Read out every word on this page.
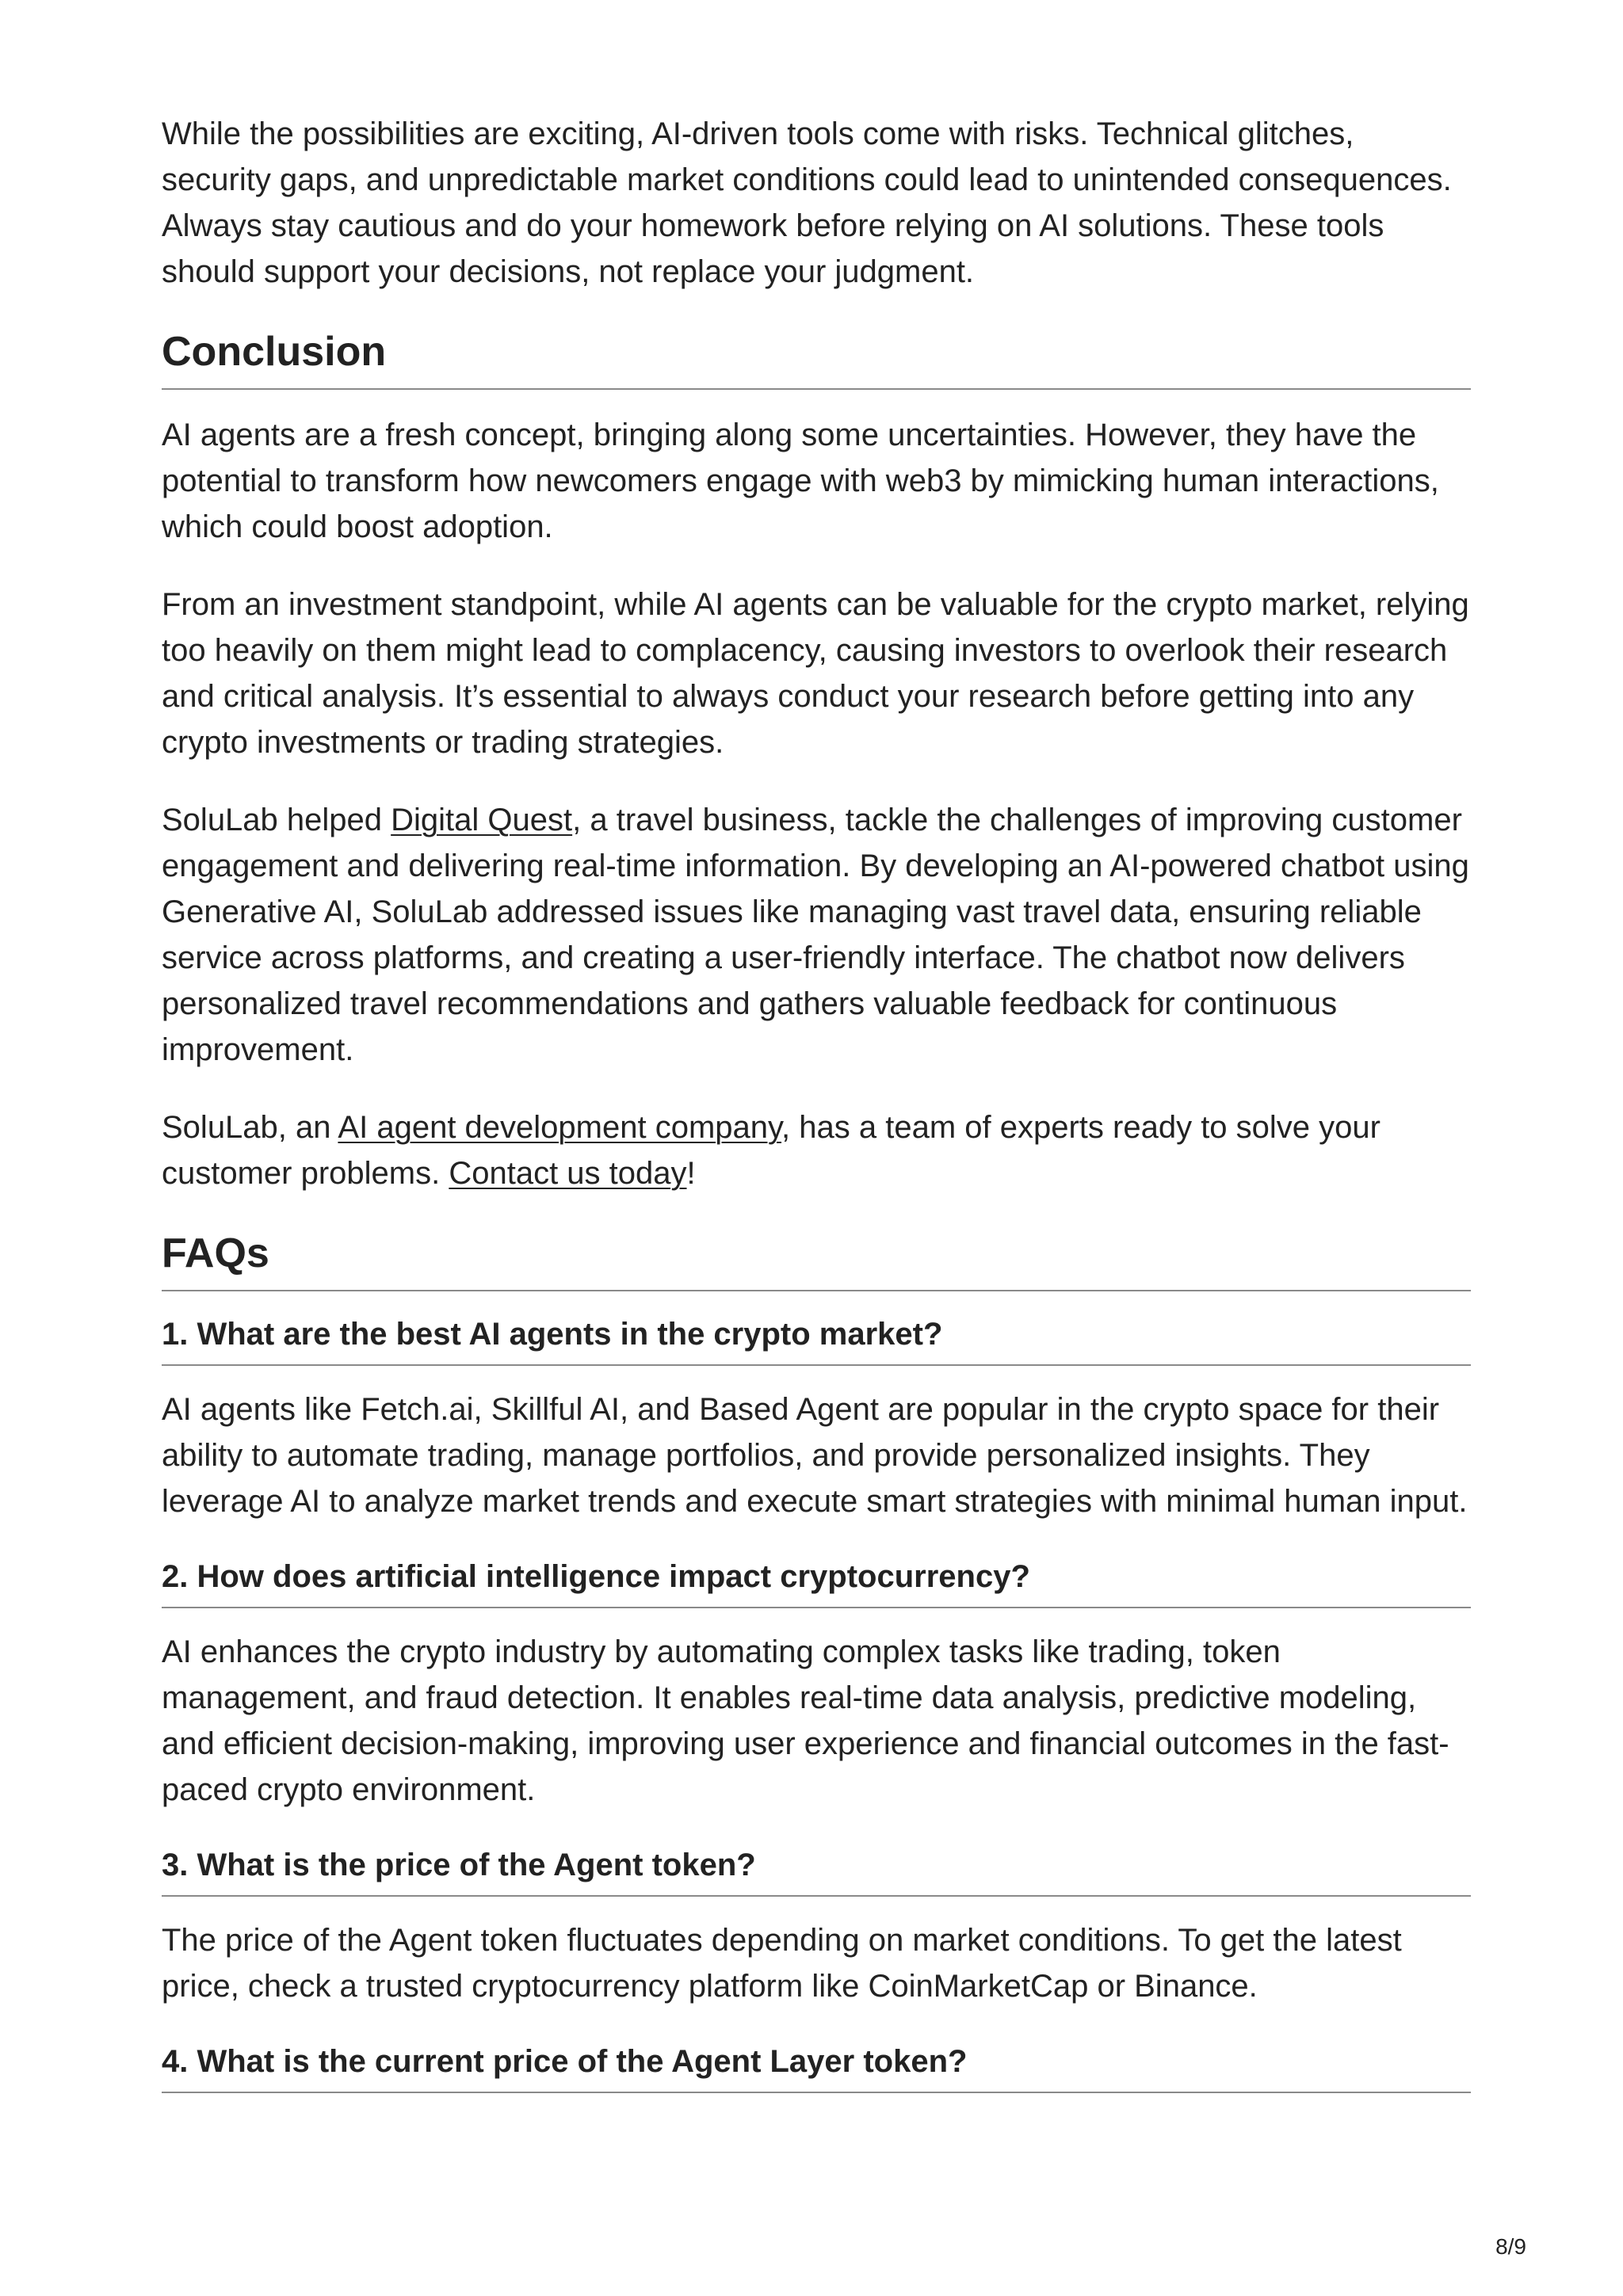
While the possibilities are exciting, AI-driven tools come with risks. Technical glitches, security gaps, and unpredictable market conditions could lead to unintended consequences. Always stay cautious and do your homework before relying on AI solutions. These tools should support your decisions, not replace your judgment.

Conclusion

AI agents are a fresh concept, bringing along some uncertainties. However, they have the potential to transform how newcomers engage with web3 by mimicking human interactions, which could boost adoption.

From an investment standpoint, while AI agents can be valuable for the crypto market, relying too heavily on them might lead to complacency, causing investors to overlook their research and critical analysis. It’s essential to always conduct your research before getting into any crypto investments or trading strategies.

SoluLab helped Digital Quest, a travel business, tackle the challenges of improving customer engagement and delivering real-time information. By developing an AI-powered chatbot using Generative AI, SoluLab addressed issues like managing vast travel data, ensuring reliable service across platforms, and creating a user-friendly interface. The chatbot now delivers personalized travel recommendations and gathers valuable feedback for continuous improvement.

SoluLab, an AI agent development company, has a team of experts ready to solve your customer problems. Contact us today!

FAQs
1. What are the best AI agents in the crypto market?

AI agents like Fetch.ai, Skillful AI, and Based Agent are popular in the crypto space for their ability to automate trading, manage portfolios, and provide personalized insights. They leverage AI to analyze market trends and execute smart strategies with minimal human input.

2. How does artificial intelligence impact cryptocurrency?

AI enhances the crypto industry by automating complex tasks like trading, token management, and fraud detection. It enables real-time data analysis, predictive modeling, and efficient decision-making, improving user experience and financial outcomes in the fast-paced crypto environment.

3. What is the price of the Agent token?

The price of the Agent token fluctuates depending on market conditions. To get the latest price, check a trusted cryptocurrency platform like CoinMarketCap or Binance.

4. What is the current price of the Agent Layer token?
8/9
